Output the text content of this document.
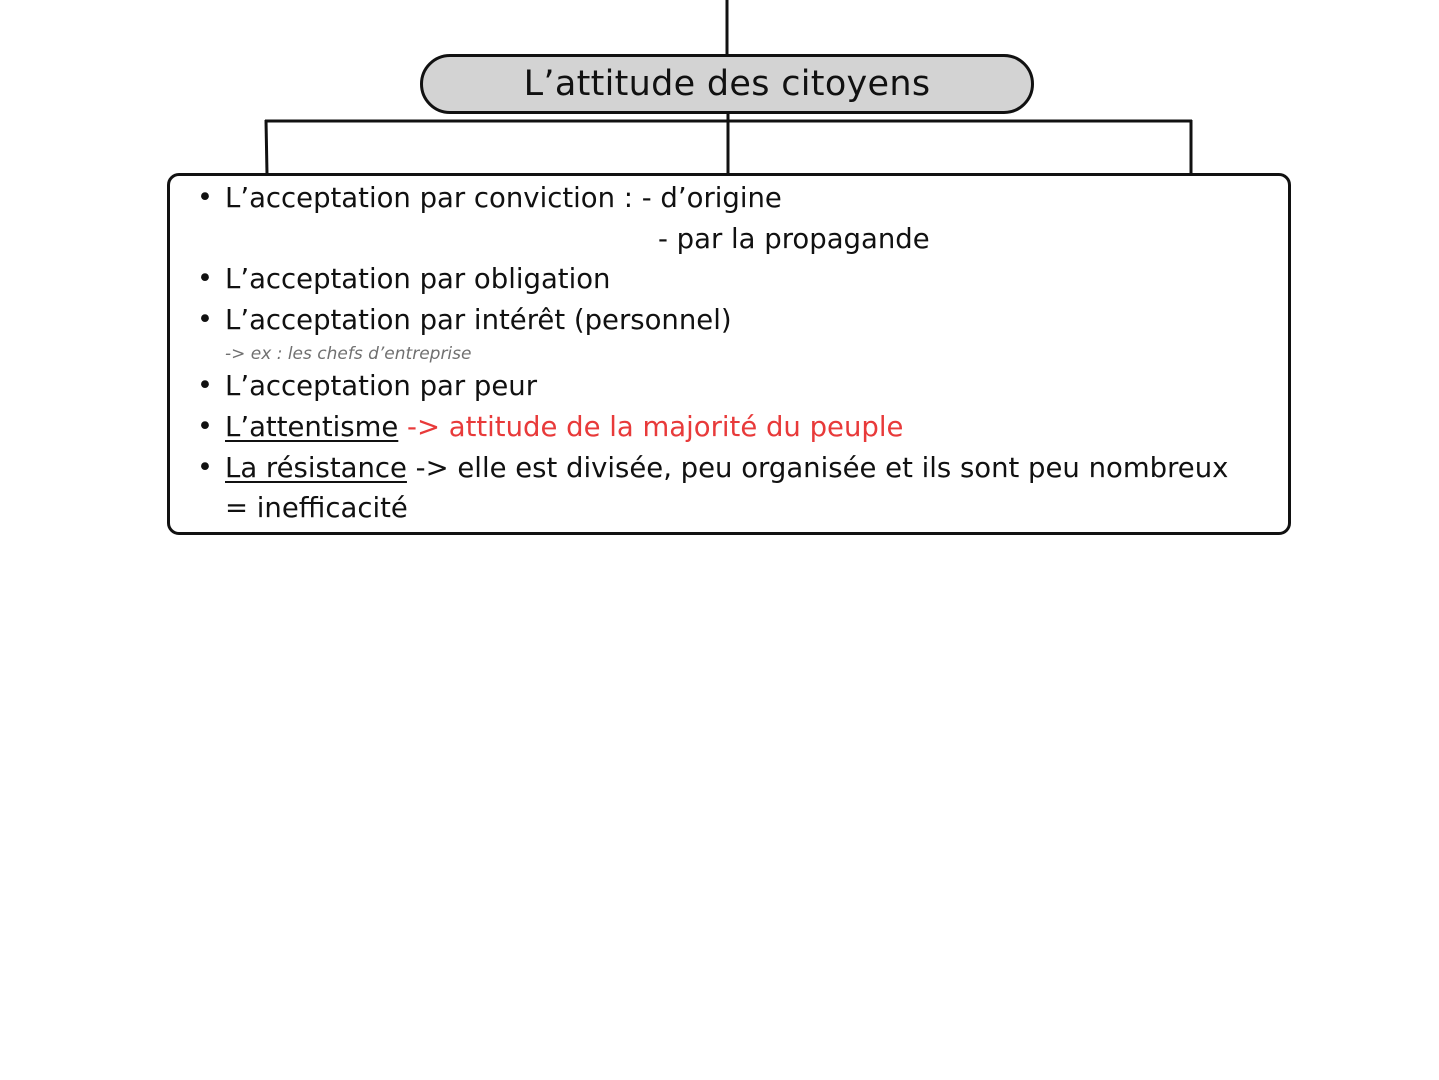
L’attitude des citoyens
• L’acceptation par conviction : - d’origine
- par la propagande
• L’acceptation par obligation
• L’acceptation par intérêt (personnel)
-> ex : les chefs d’entreprise
• L’acceptation par peur
• L’attentisme -> attitude de la majorité du peuple
• La résistance -> elle est divisée, peu organisée et ils sont peu nombreux
= inefficacité
